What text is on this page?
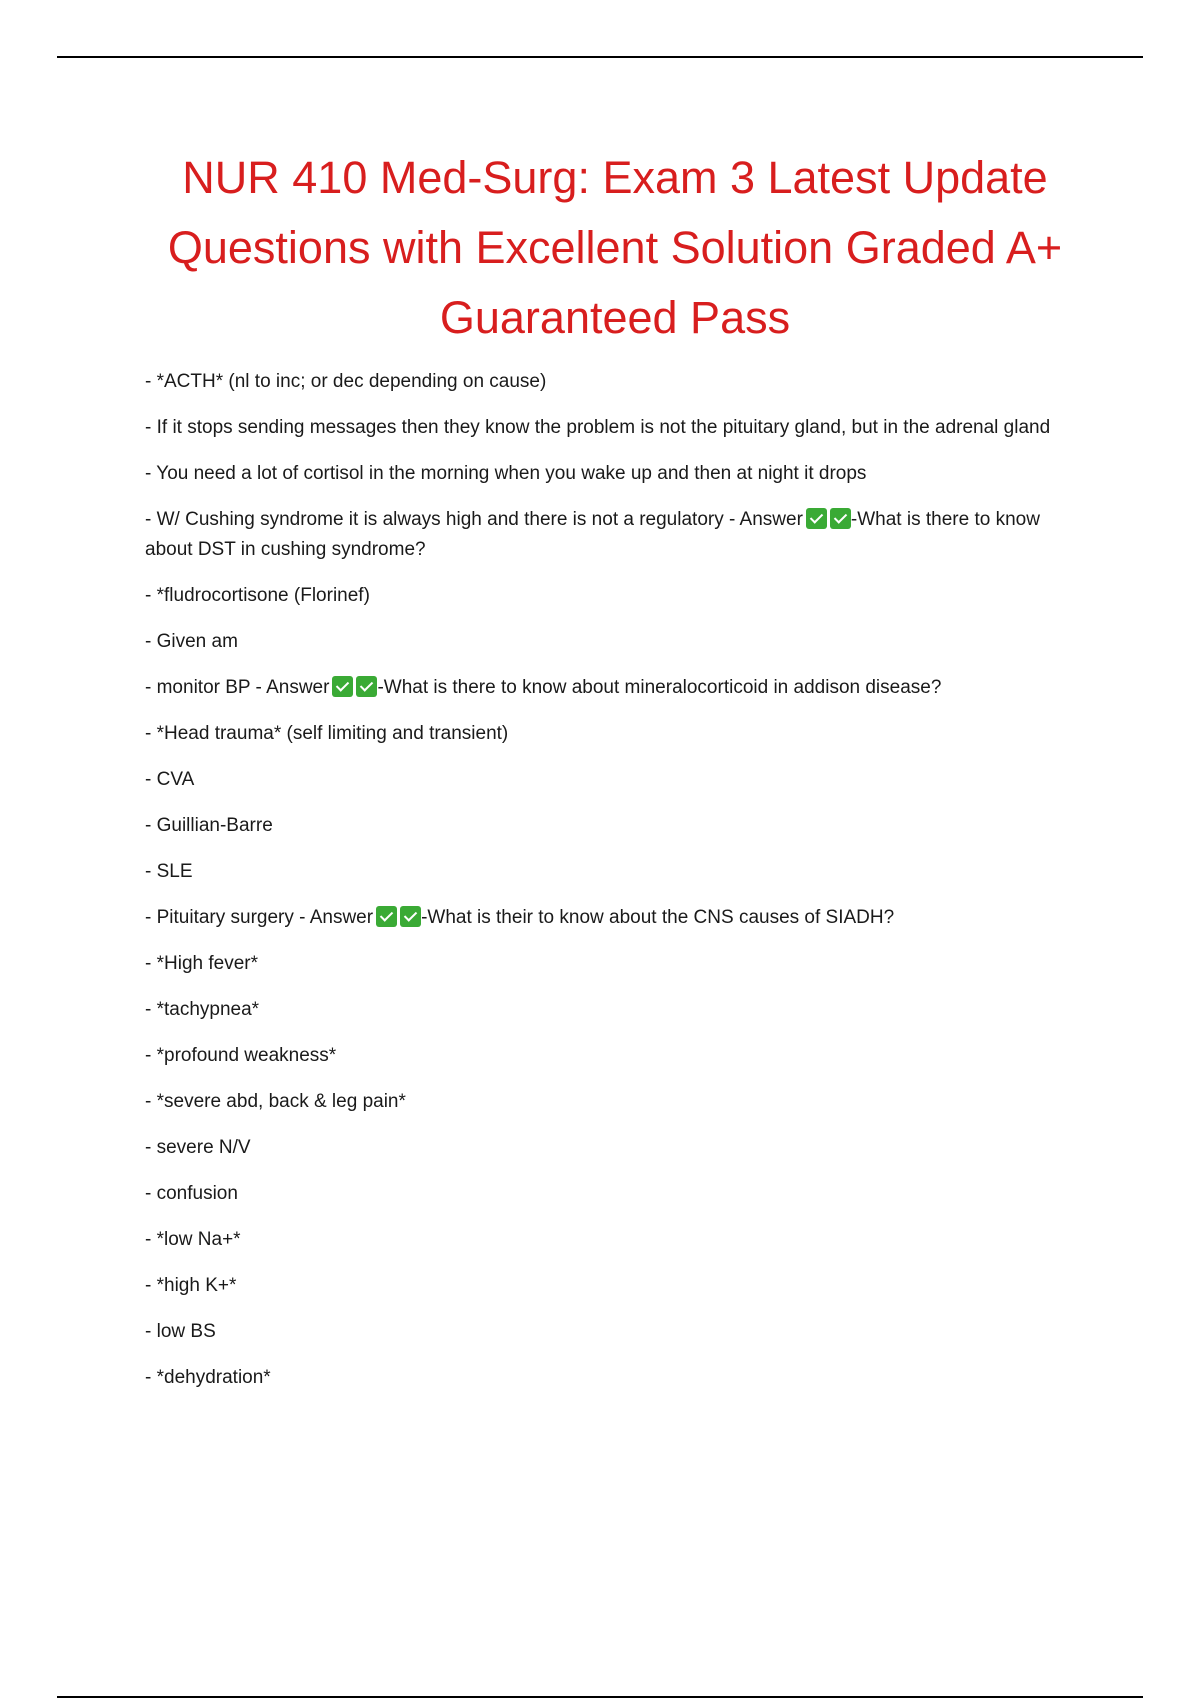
NUR 410 Med-Surg: Exam 3 Latest Update Questions with Excellent Solution Graded A+ Guaranteed Pass

- *ACTH* (nl to inc; or dec depending on cause)

- If it stops sending messages then they know the problem is not the pituitary gland, but in the adrenal gland

- You need a lot of cortisol in the morning when you wake up and then at night it drops

- W/ Cushing syndrome it is always high and there is not a regulatory - Answer	-What is there to know about DST in cushing syndrome?

- *fludrocortisone (Florinef)

- Given am

- monitor BP - Answer	-What is there to know about mineralocorticoid in addison disease?

- *Head trauma* (self limiting and transient)

- CVA

- Guillian-Barre

- SLE

- Pituitary surgery - Answer	-What is their to know about the CNS causes of SIADH?

- *High fever*

- *tachypnea*

- *profound weakness*

- *severe abd, back & leg pain*

- severe N/V

- confusion

- *low Na+*

- *high K+*

- low BS

- *dehydration*
